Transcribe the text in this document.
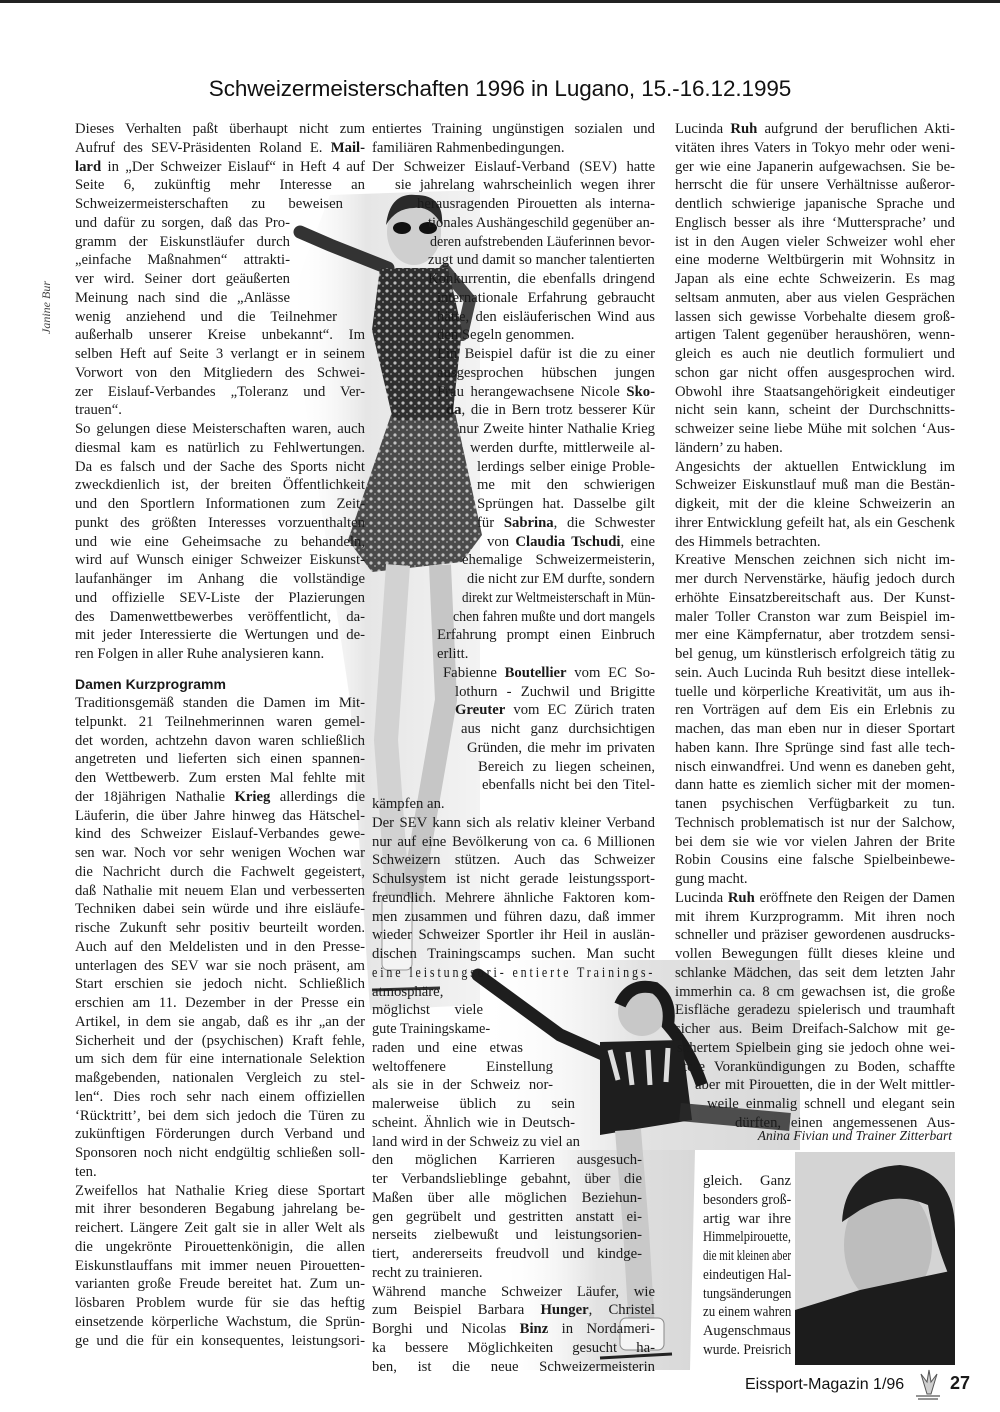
Schweizermeisterschaften 1996 in Lugano, 15.-16.12.1995
Janine Bur
Dieses Verhalten paßt überhaupt nicht zum
Aufruf des SEV-Präsidenten Roland E. Mail-
lard in „Der Schweizer Eislauf“ in Heft 4 auf
Seite 6, zukünftig mehr Interesse an
Schweizermeisterschaften zu beweisen
und dafür zu sorgen, daß das Pro-
gramm der Eiskunstläufer durch
„einfache Maßnahmen“ attrakti-
ver wird. Seiner dort geäußerten
Meinung nach sind die „Anlässe
wenig anziehend und die Teilnehmer
außerhalb unserer Kreise unbekannt“. Im
selben Heft auf Seite 3 verlangt er in seinem
Vorwort von den Mitgliedern des Schwei-
zer Eislauf-Verbandes „Toleranz und Ver-
trauen“.
So gelungen diese Meisterschaften waren, auch
diesmal kam es natürlich zu Fehlwertungen.
Da es falsch und der Sache des Sports nicht
zweckdienlich ist, der breiten Öffentlichkeit
und den Sportlern Informationen zum Zeit-
punkt des größten Interesses vorzuenthalten
und wie eine Geheimsache zu behandeln,
wird auf Wunsch einiger Schweizer Eiskunst-
laufanhänger im Anhang die vollständige
und offizielle SEV-Liste der Plazierungen
des Damenwettbewerbes veröffentlicht, da-
mit jeder Interessierte die Wertungen und de-
ren Folgen in aller Ruhe analysieren kann.
Traditionsgemäß standen die Damen im Mit-
telpunkt. 21 Teilnehmerinnen waren gemel-
det worden, achtzehn davon waren schließlich
angetreten und lieferten sich einen spannen-
den Wettbewerb. Zum ersten Mal fehlte mit
der 18jährigen Nathalie Krieg allerdings die
Läuferin, die über Jahre hinweg das Hätschel-
kind des Schweizer Eislauf-Verbandes gewe-
sen war. Noch vor sehr wenigen Wochen war
die Nachricht durch die Fachwelt gegeistert,
daß Nathalie mit neuem Elan und verbesserten
Techniken dabei sein würde und ihre eisläufe-
rische Zukunft sehr positiv beurteilt worden.
Auch auf den Meldelisten und in den Presse-
unterlagen des SEV war sie noch präsent, am
Start erschien sie jedoch nicht. Schließlich
erschien am 11. Dezember in der Presse ein
Artikel, in dem sie angab, daß es ihr „an der
Sicherheit und der (psychischen) Kraft fehle,
um sich dem für eine internationale Selektion
maßgebenden, nationalen Vergleich zu stel-
len“. Dies roch sehr nach einem offiziellen
‘Rücktritt’, bei dem sich jedoch die Türen zu
zukünftigen Förderungen durch Verband und
Sponsoren noch nicht endgültig schließen soll-
ten.
Zweifellos hat Nathalie Krieg diese Sportart
mit ihrer besonderen Begabung jahrelang be-
reichert. Längere Zeit galt sie in aller Welt als
die ungekrönte Pirouettenkönigin, die allen
Eiskunstlauffans mit immer neuen Pirouetten-
varianten große Freude bereitet hat. Zum un-
lösbaren Problem wurde für sie das heftig
einsetzende körperliche Wachstum, die Sprün-
ge und die für ein konsequentes, leistungsori-
Damen Kurzprogramm
entiertes Training ungünstigen sozialen und
familiären Rahmenbedingungen.
Der Schweizer Eislauf-Verband (SEV) hatte
sie jahrelang wahrscheinlich wegen ihrer
herausragenden Pirouetten als interna-
tionales Aushängeschild gegenüber an-
deren aufstrebenden Läuferinnen bevor-
zugt und damit so mancher talentierten
Konkurrentin, die ebenfalls dringend
internationale Erfahrung gebraucht
hätte, den eisläuferischen Wind aus
den Segeln genommen.
Ein Beispiel dafür ist die zu einer
ausgesprochen hübschen jungen
Frau herangewachsene Nicole Sko-
da, die in Bern trotz besserer Kür
nur Zweite hinter Nathalie Krieg
werden durfte, mittlerweile al-
lerdings selber einige Proble-
me mit den schwierigen
Sprüngen hat. Dasselbe gilt
für Sabrina, die Schwester
von Claudia Tschudi, eine
ehemalige Schweizermeisterin,
die nicht zur EM durfte, sondern
direkt zur Weltmeisterschaft in Mün-
chen fahren mußte und dort mangels
Erfahrung prompt einen Einbruch
erlitt.
Fabienne Boutellier vom EC So-
lothurn - Zuchwil und Brigitte
Greuter vom EC Zürich traten
aus nicht ganz durchsichtigen
Gründen, die mehr im privaten
Bereich zu liegen scheinen,
ebenfalls nicht bei den Titel-
kämpfen an.
Der SEV kann sich als relativ kleiner Verband
nur auf eine Bevölkerung von ca. 6 Millionen
Schweizern stützen. Auch das Schweizer
Schulsystem ist nicht gerade leistungssport-
freundlich. Mehrere ähnliche Faktoren kom-
men zusammen und führen dazu, daß immer
wieder Schweizer Sportler ihr Heil in auslän-
dischen Trainingscamps suchen. Man sucht
eine leistungsori- entierte Trainings-
atmosphäre,
möglichst viele
gute Trainingskame-
raden und eine etwas
weltoffenere Einstellung
als sie in der Schweiz nor-
malerweise üblich zu sein
scheint. Ähnlich wie in Deutsch-
land wird in der Schweiz zu viel an
den möglichen Karrieren ausgesuch-
ter Verbandslieblinge gebahnt, über die
Maßen über alle möglichen Beziehun-
gen gegrübelt und gestritten anstatt ei-
nerseits zielbewußt und leistungsorien-
tiert, andererseits freudvoll und kindge-
recht zu trainieren.
Während manche Schweizer Läufer, wie
zum Beispiel Barbara Hunger, Christel
Borghi und Nicolas Binz in Nordameri-
ka bessere Möglichkeiten gesucht ha-
ben, ist die neue Schweizermeisterin
Lucinda Ruh aufgrund der beruflichen Akti-
vitäten ihres Vaters in Tokyo mehr oder weni-
ger wie eine Japanerin aufgewachsen. Sie be-
herrscht die für unsere Verhältnisse außeror-
dentlich schwierige japanische Sprache und
Englisch besser als ihre ‘Muttersprache’ und
ist in den Augen vieler Schweizer wohl eher
eine moderne Weltbürgerin mit Wohnsitz in
Japan als eine echte Schweizerin. Es mag
seltsam anmuten, aber aus vielen Gesprächen
lassen sich gewisse Vorbehalte diesem groß-
artigen Talent gegenüber heraushören, wenn-
gleich es auch nie deutlich formuliert und
schon gar nicht offen ausgesprochen wird.
Obwohl ihre Staatsangehörigkeit eindeutiger
nicht sein kann, scheint der Durchschnitts-
schweizer seine liebe Mühe mit solchen ‘Aus-
ländern’ zu haben.
Angesichts der aktuellen Entwicklung im
Schweizer Eiskunstlauf muß man die Bestän-
digkeit, mit der die kleine Schweizerin an
ihrer Entwicklung gefeilt hat, als ein Geschenk
des Himmels betrachten.
Kreative Menschen zeichnen sich nicht im-
mer durch Nervenstärke, häufig jedoch durch
erhöhte Einsatzbereitschaft aus. Der Kunst-
maler Toller Cranston war zum Beispiel im-
mer eine Kämpfernatur, aber trotzdem sensi-
bel genug, um künstlerisch erfolgreich tätig zu
sein. Auch Lucinda Ruh besitzt diese intellek-
tuelle und körperliche Kreativität, um aus ih-
ren Vorträgen auf dem Eis ein Erlebnis zu
machen, das man eben nur in dieser Sportart
haben kann. Ihre Sprünge sind fast alle tech-
nisch einwandfrei. Und wenn es daneben geht,
dann hatte es ziemlich sicher mit der momen-
tanen psychischen Verfügbarkeit zu tun.
Technisch problematisch ist nur der Salchow,
bei dem sie wie vor vielen Jahren der Brite
Robin Cousins eine falsche Spielbeinbewe-
gung macht.
Lucinda Ruh eröffnete den Reigen der Damen
mit ihrem Kurzprogramm. Mit ihren noch
schneller und präziser gewordenen ausdrucks-
vollen Bewegungen füllt dieses kleine und
schlanke Mädchen, das seit dem letzten Jahr
immerhin ca. 8 cm gewachsen ist, die große
Eisfläche geradezu spielerisch und traumhaft
sicher aus. Beim Dreifach-Salchow mit ge-
schertem Spielbein ging sie jedoch ohne wei-
tere Vorankündigungen zu Boden, schaffte
aber mit Pirouetten, die in der Welt mittler-
weile einmalig schnell und elegant sein
dürften, einen angemessenen Aus-
gleich. Ganz
besonders groß-
artig war ihre
Himmelpirouette,
die mit kleinen aber
eindeutigen Hal-
tungsänderungen
zu einem wahren
Augenschmaus
wurde. Preisrich
Anina Fivian und Trainer Zitterbart
Eissport-Magazin 1/96	27
